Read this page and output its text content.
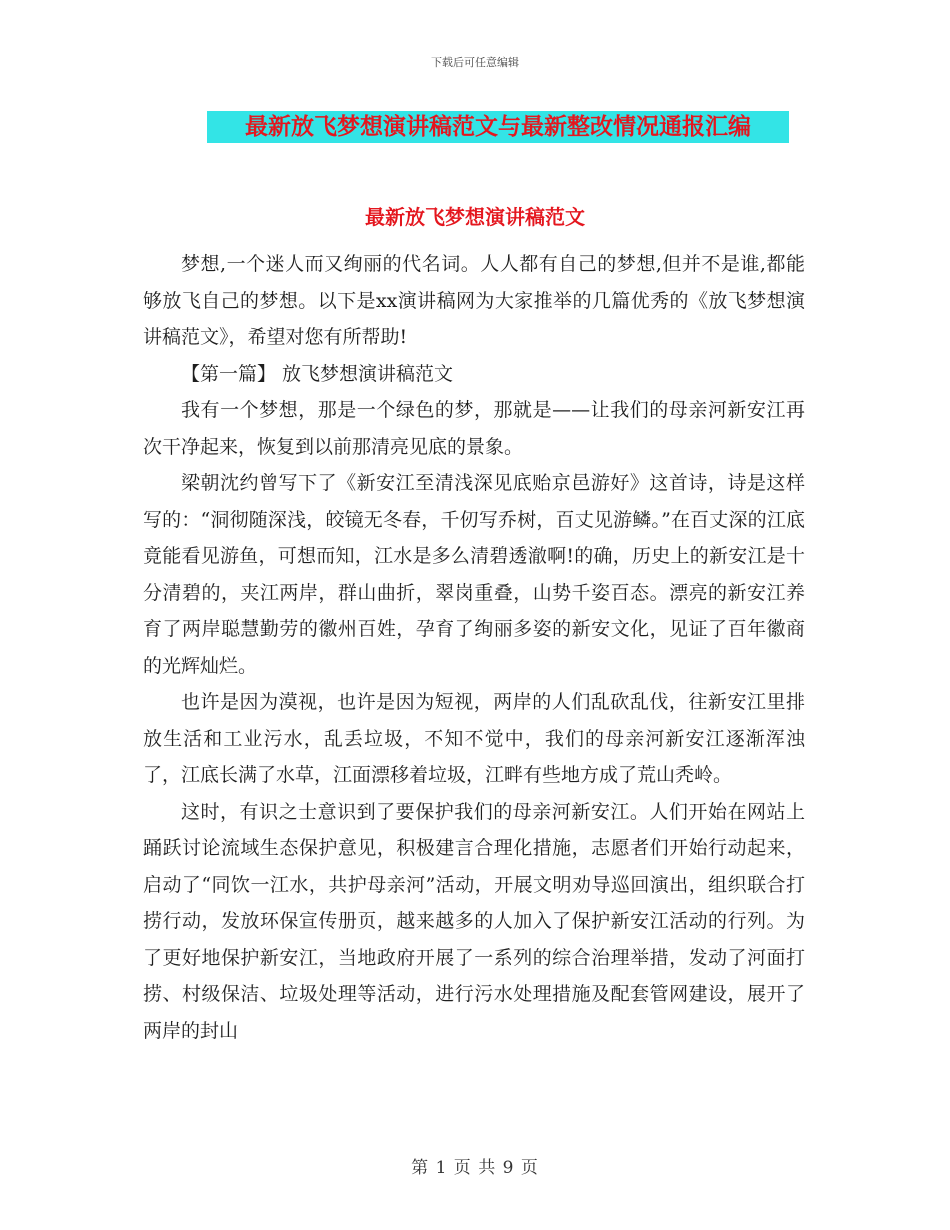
下载后可任意编辑
最新放飞梦想演讲稿范文与最新整改情况通报汇编
最新放飞梦想演讲稿范文

梦想,一个迷人而又绚丽的代名词。人人都有自己的梦想,但并不是谁,都能够放飞自己的梦想。以下是xx演讲稿网为大家推举的几篇优秀的《放飞梦想演讲稿范文》，希望对您有所帮助!

【第一篇】 放飞梦想演讲稿范文

我有一个梦想，那是一个绿色的梦，那就是——让我们的母亲河新安江再次干净起来，恢复到以前那清亮见底的景象。

梁朝沈约曾写下了《新安江至清浅深见底贻京邑游好》这首诗，诗是这样写的：“洞彻随深浅，皎镜无冬春，千仞写乔树，百丈见游鳞。”在百丈深的江底竟能看见游鱼，可想而知，江水是多么清碧透澈啊!的确，历史上的新安江是十分清碧的，夹江两岸，群山曲折，翠岗重叠，山势千姿百态。漂亮的新安江养育了两岸聪慧勤劳的徽州百姓，孕育了绚丽多姿的新安文化，见证了百年徽商的光辉灿烂。

也许是因为漠视，也许是因为短视，两岸的人们乱砍乱伐，往新安江里排放生活和工业污水，乱丢垃圾，不知不觉中，我们的母亲河新安江逐渐浑浊了，江底长满了水草，江面漂移着垃圾，江畔有些地方成了荒山秃岭。

这时，有识之士意识到了要保护我们的母亲河新安江。人们开始在网站上踊跃讨论流域生态保护意见，积极建言合理化措施，志愿者们开始行动起来，启动了“同饮一江水，共护母亲河”活动，开展文明劝导巡回演出，组织联合打捞行动，发放环保宣传册页，越来越多的人加入了保护新安江活动的行列。为了更好地保护新安江，当地政府开展了一系列的综合治理举措，发动了河面打捞、村级保洁、垃圾处理等活动，进行污水处理措施及配套管网建设，展开了两岸的封山

第 1 页 共 9 页
